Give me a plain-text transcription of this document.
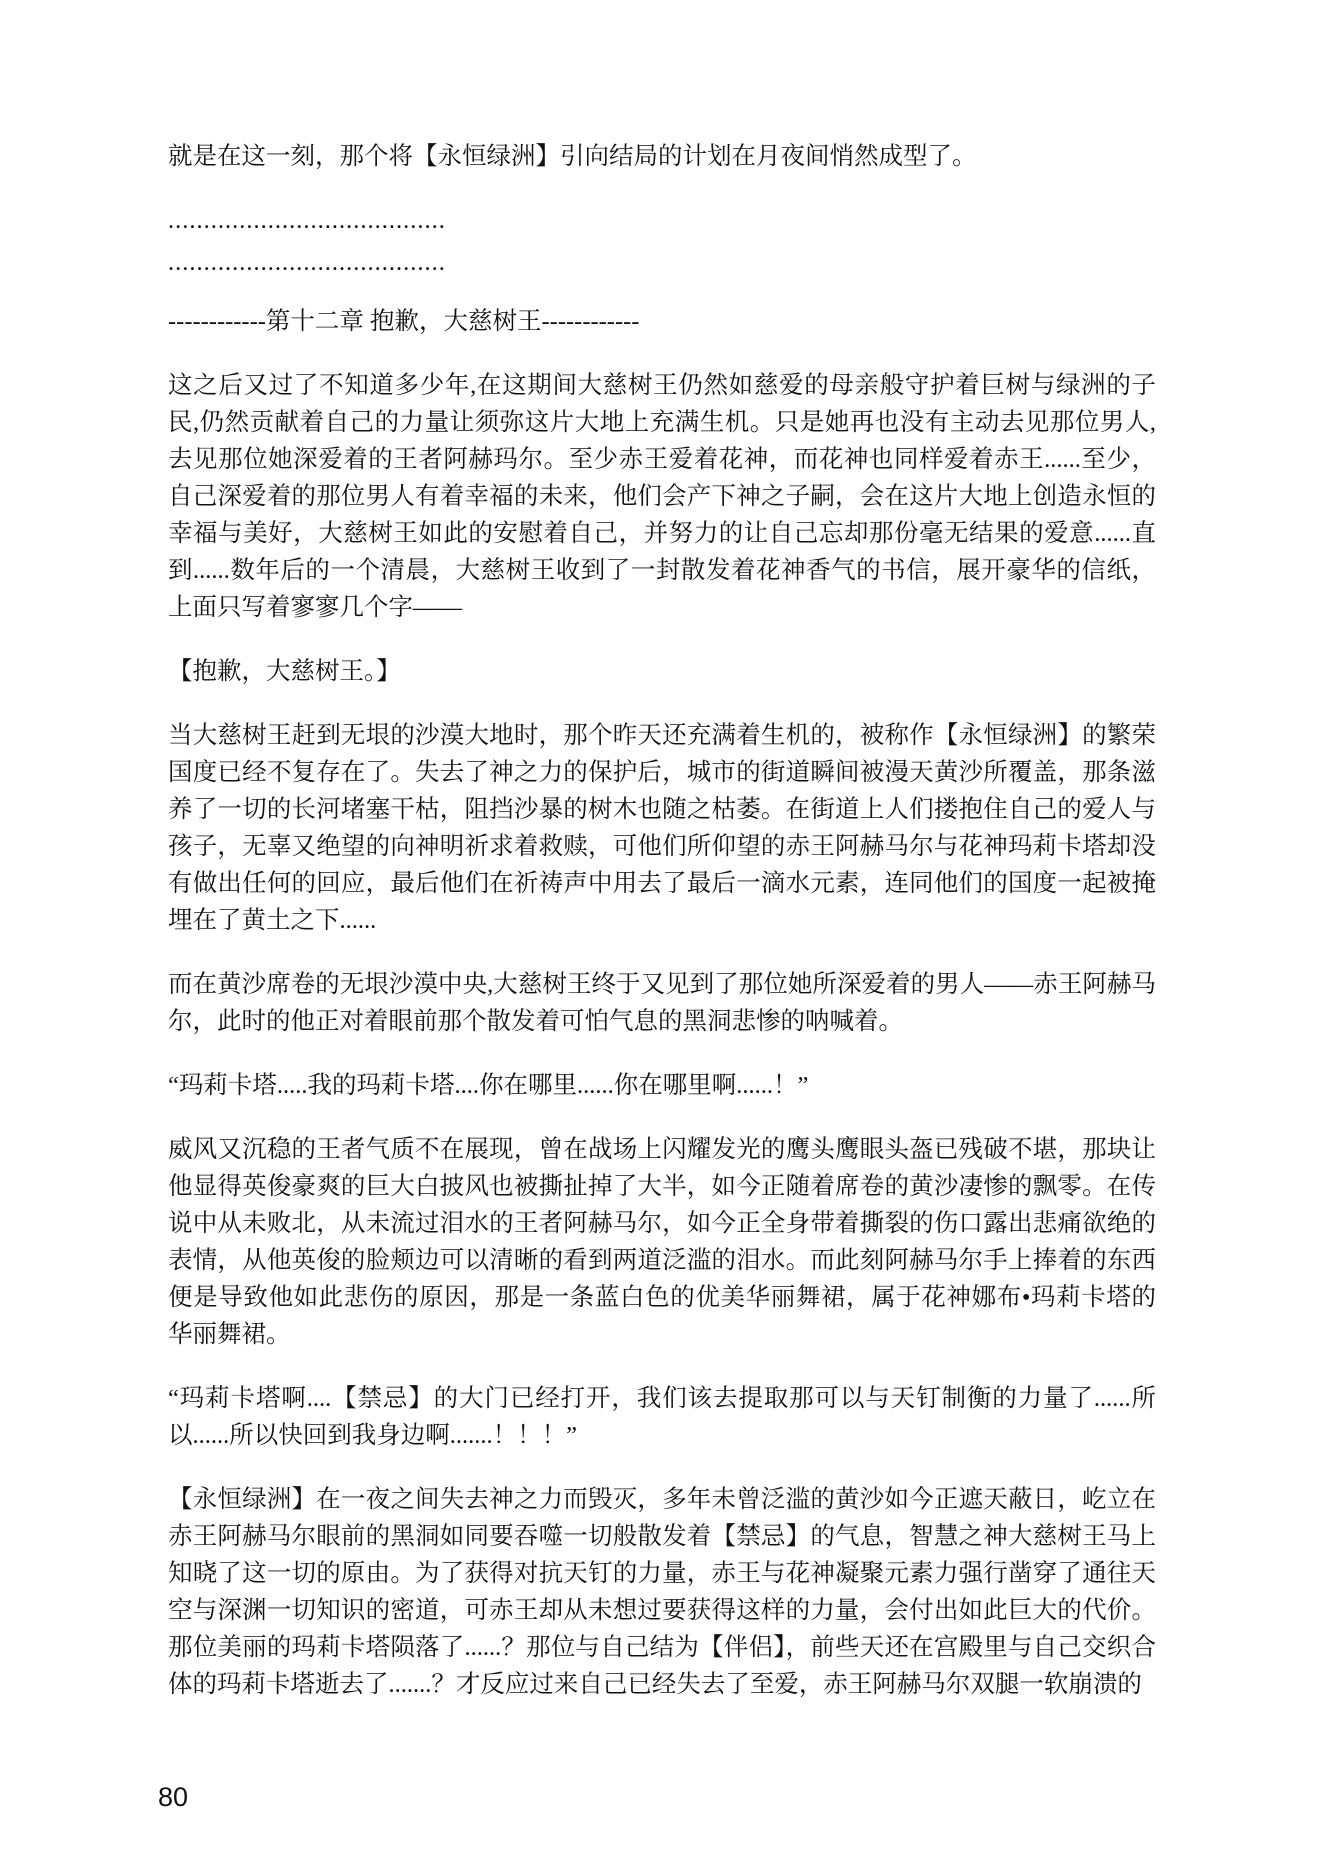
就是在这一刻，那个将【永恒绿洲】引向结局的计划在月夜间悄然成型了。

.......................................

.......................................

------------第十二章 抱歉，大慈树王------------

这之后又过了不知道多少年,在这期间大慈树王仍然如慈爱的母亲般守护着巨树与绿洲的子民,仍然贡献着自己的力量让须弥这片大地上充满生机。只是她再也没有主动去见那位男人,去见那位她深爱着的王者阿赫玛尔。至少赤王爱着花神，而花神也同样爱着赤王......至少，自己深爱着的那位男人有着幸福的未来，他们会产下神之子嗣，会在这片大地上创造永恒的幸福与美好，大慈树王如此的安慰着自己，并努力的让自己忘却那份毫无结果的爱意......直到......数年后的一个清晨，大慈树王收到了一封散发着花神香气的书信，展开豪华的信纸，上面只写着寥寥几个字——

【抱歉，大慈树王。】

当大慈树王赶到无垠的沙漠大地时，那个昨天还充满着生机的，被称作【永恒绿洲】的繁荣国度已经不复存在了。失去了神之力的保护后，城市的街道瞬间被漫天黄沙所覆盖，那条滋养了一切的长河堵塞干枯，阻挡沙暴的树木也随之枯萎。在街道上人们搂抱住自己的爱人与孩子，无辜又绝望的向神明祈求着救赎，可他们所仰望的赤王阿赫马尔与花神玛莉卡塔却没有做出任何的回应，最后他们在祈祷声中用去了最后一滴水元素，连同他们的国度一起被掩埋在了黄土之下......

而在黄沙席卷的无垠沙漠中央,大慈树王终于又见到了那位她所深爱着的男人——赤王阿赫马尔，此时的他正对着眼前那个散发着可怕气息的黑洞悲惨的呐喊着。

“玛莉卡塔.....我的玛莉卡塔....你在哪里......你在哪里啊......！”

威风又沉稳的王者气质不在展现，曾在战场上闪耀发光的鹰头鹰眼头盔已残破不堪，那块让他显得英俊豪爽的巨大白披风也被撕扯掉了大半，如今正随着席卷的黄沙凄惨的飘零。在传说中从未败北，从未流过泪水的王者阿赫马尔，如今正全身带着撕裂的伤口露出悲痛欲绝的表情，从他英俊的脸颊边可以清晰的看到两道泛滥的泪水。而此刻阿赫马尔手上捧着的东西便是导致他如此悲伤的原因，那是一条蓝白色的优美华丽舞裙，属于花神娜布•玛莉卡塔的华丽舞裙。

“玛莉卡塔啊....【禁忌】的大门已经打开，我们该去提取那可以与天钉制衡的力量了......所以......所以快回到我身边啊.......！！！”

【永恒绿洲】在一夜之间失去神之力而毁灭，多年未曾泛滥的黄沙如今正遮天蔽日，屹立在赤王阿赫马尔眼前的黑洞如同要吞噬一切般散发着【禁忌】的气息，智慧之神大慈树王马上知晓了这一切的原由。为了获得对抗天钉的力量，赤王与花神凝聚元素力强行凿穿了通往天空与深渊一切知识的密道，可赤王却从未想过要获得这样的力量，会付出如此巨大的代价。那位美丽的玛莉卡塔陨落了......？那位与自己结为【伴侣】，前些天还在宫殿里与自己交织合体的玛莉卡塔逝去了.......？才反应过来自己已经失去了至爱，赤王阿赫马尔双腿一软崩溃的

80
